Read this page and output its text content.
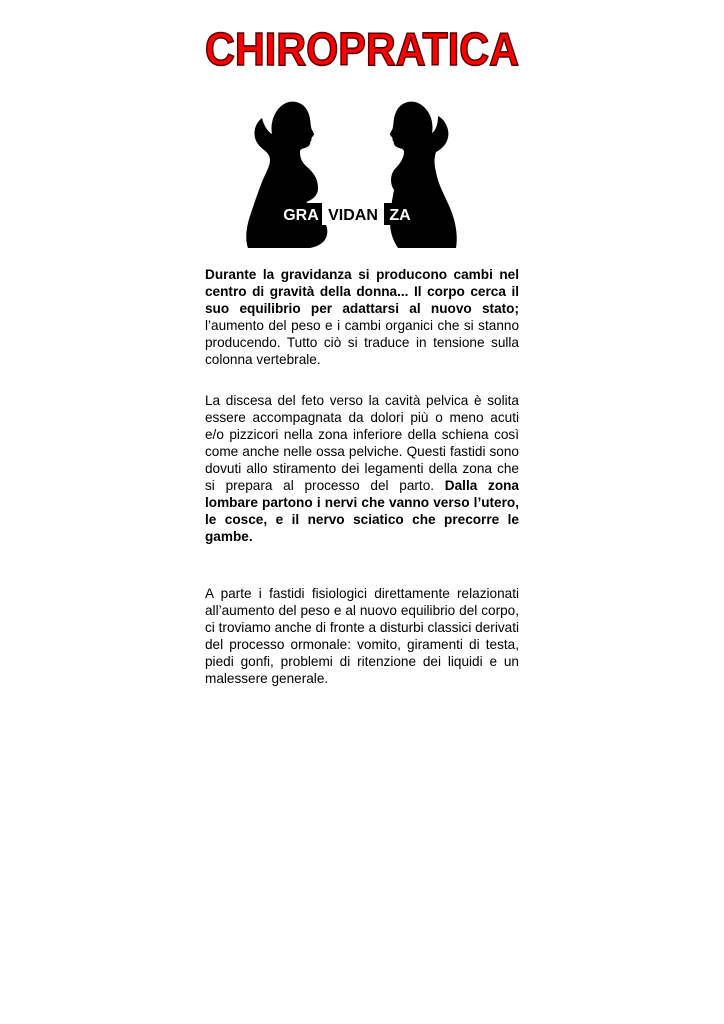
CHIROPRATICA
GRA VIDAN ZA

Durante la gravidanza si producono cambi nel centro di gravità della donna... Il corpo cerca il suo equilibrio per adattarsi al nuovo stato; l’aumento del peso e i cambi organici che si stanno producendo. Tutto ciò si traduce in tensione sulla colonna vertebrale.

La discesa del feto verso la cavità pelvica è solita essere accompagnata da dolori più o meno acuti e/o pizzicori nella zona inferiore della schiena così come anche nelle ossa pelviche. Questi fastidi sono dovuti allo stiramento dei legamenti della zona che si prepara al processo del parto. Dalla zona lombare partono i nervi che vanno verso l’utero, le cosce, e il nervo sciatico che precorre le gambe.

A parte i fastidi fisiologici direttamente relazionati all’aumento del peso e al nuovo equilibrio del corpo, ci troviamo anche di fronte a disturbi classici derivati del processo ormonale: vomito, giramenti di testa, piedi gonfi, problemi di ritenzione dei liquidi e un malessere generale.
